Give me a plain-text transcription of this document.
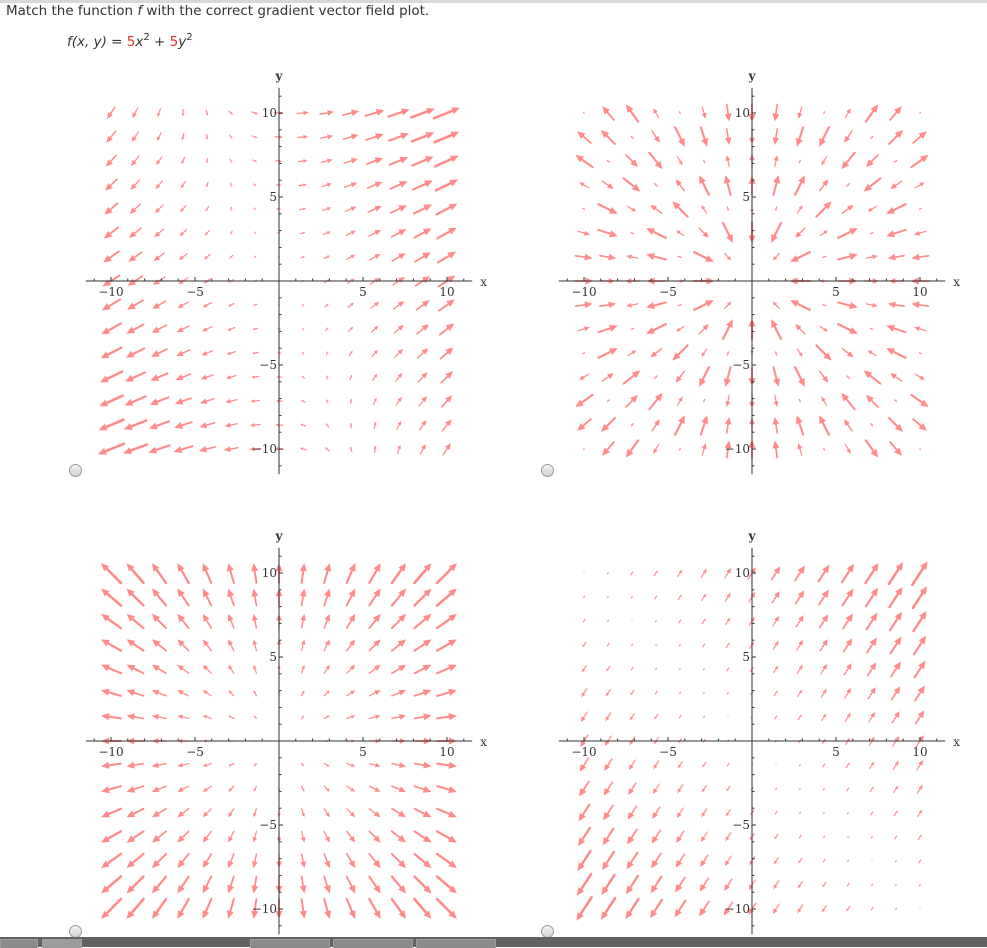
Match the function f with the correct gradient vector field plot.
f(x, $y) = 5x^2 + 5y^2$
−10	−5	5	10
x
10
5
−5
−10
y
−10	−5	5	10
x
10
5
−5
−10
y
−10	−5	5	10
x
10
5
−5
−10
y
−10	−5	5	10
x
10
5
−5
−10
y
